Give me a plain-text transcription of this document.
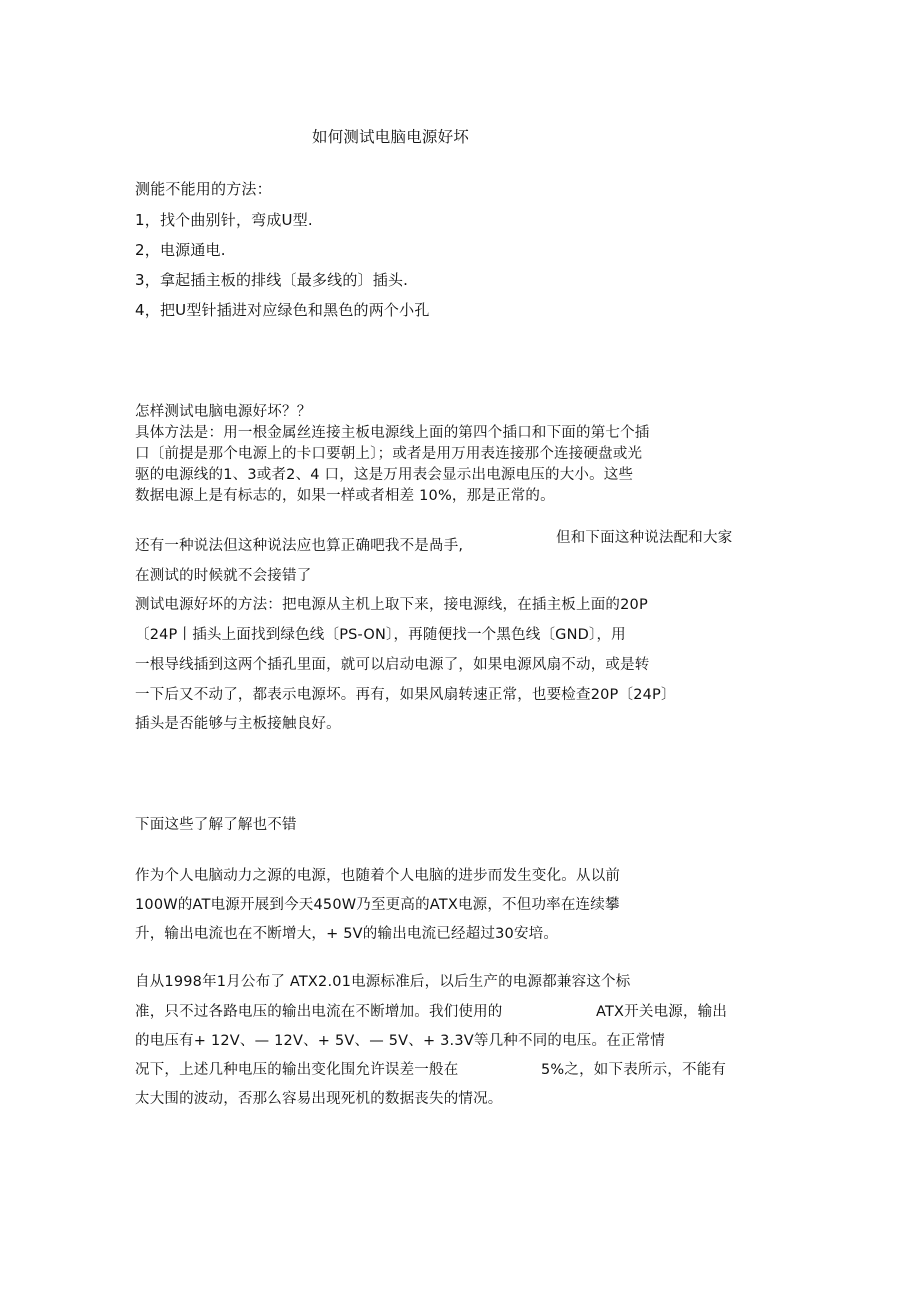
如何测试电脑电源好坏
测能不能用的方法：
1，找个曲别针，弯成U型.
2，电源通电.
3，拿起插主板的排线〔最多线的〕插头.
4，把U型针插进对应绿色和黑色的两个小孔
怎样测试电脑电源好坏？？
具体方法是：用一根金属丝连接主板电源线上面的第四个插口和下面的第七个插
口〔前提是那个电源上的卡口要朝上〕；或者是用万用表连接那个连接硬盘或光
驱的电源线的1、3或者2、4 口，这是万用表会显示出电源电压的大小。这些
数据电源上是有标志的，如果一样或者相差 10%，那是正常的。
还有一种说法但这种说法应也算正确吧我不是咼手,	但和下面这种说法配和大家
在测试的时候就不会接错了
测试电源好坏的方法：把电源从主机上取下来，接电源线，在插主板上面的20P
〔24P丨插头上面找到绿色线〔PS-ON〕，再随便找一个黑色线〔GND〕，用
一根导线插到这两个插孔里面，就可以启动电源了，如果电源风扇不动，或是转
一下后又不动了，都表示电源坏。再有，如果风扇转速正常，也要检查20P〔24P〕
插头是否能够与主板接触良好。
下面这些了解了解也不错
作为个人电脑动力之源的电源，也随着个人电脑的进步而发生变化。从以前
100W的AT电源开展到今天450W乃至更高的ATX电源，不但功率在连续攀
升，输出电流也在不断增大，+ 5V的输出电流已经超过30安培。
自从1998年1月公布了 ATX2.01电源标准后，以后生产的电源都兼容这个标
准，只不过各路电压的输出电流在不断增加。我们使用的	ATX开关电源，输出
的电压有+ 12V、— 12V、+ 5V、— 5V、+ 3.3V等几种不同的电压。在正常情
况下，上述几种电压的输出变化围允许误差一般在	5%之，如下表所示，不能有
太大围的波动，否那么容易出现死机的数据丧失的情况。
